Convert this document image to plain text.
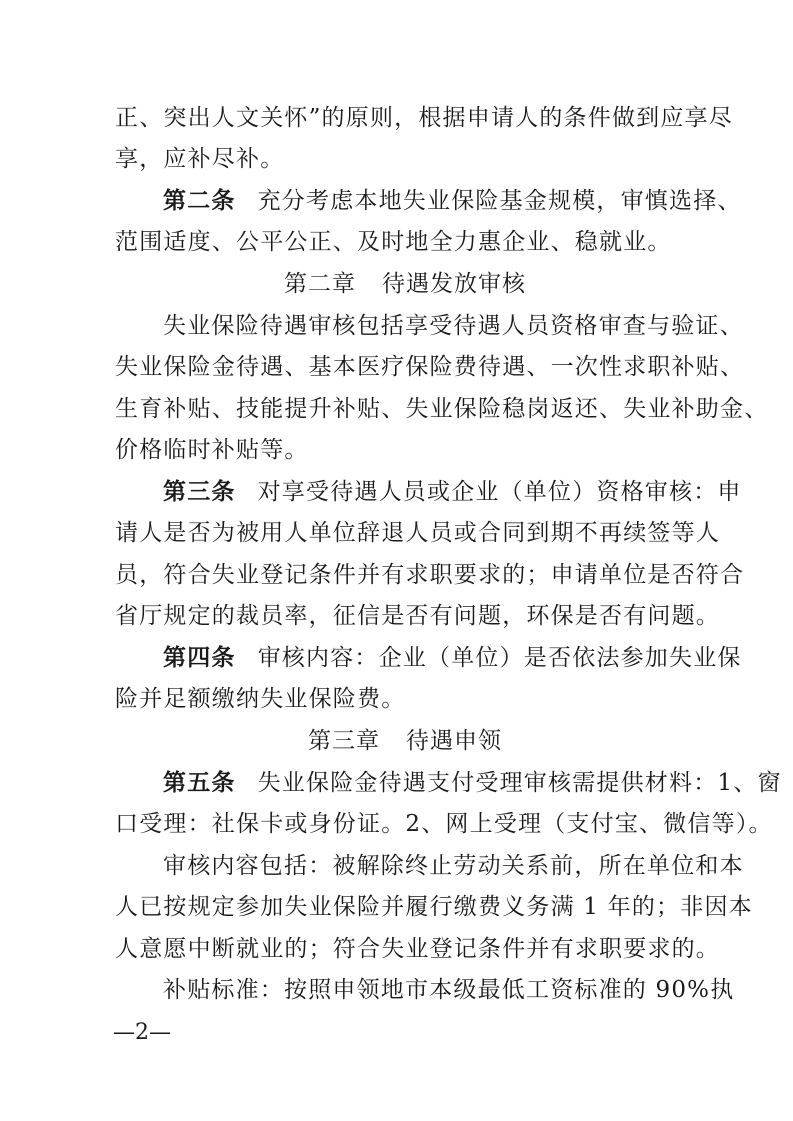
正、突出人文关怀”的原则，根据申请人的条件做到应享尽
享，应补尽补。
第二条 充分考虑本地失业保险基金规模，审慎选择、
范围适度、公平公正、及时地全力惠企业、稳就业。
第二章 待遇发放审核
失业保险待遇审核包括享受待遇人员资格审查与验证、
失业保险金待遇、基本医疗保险费待遇、一次性求职补贴、
生育补贴、技能提升补贴、失业保险稳岗返还、失业补助金、
价格临时补贴等。
第三条 对享受待遇人员或企业（单位）资格审核：申
请人是否为被用人单位辞退人员或合同到期不再续签等人
员，符合失业登记条件并有求职要求的；申请单位是否符合
省厅规定的裁员率，征信是否有问题，环保是否有问题。
第四条 审核内容：企业（单位）是否依法参加失业保
险并足额缴纳失业保险费。
第三章 待遇申领
第五条 失业保险金待遇支付受理审核需提供材料：1、窗
口受理：社保卡或身份证。2、网上受理（支付宝、微信等）。
审核内容包括：被解除终止劳动关系前，所在单位和本
人已按规定参加失业保险并履行缴费义务满 1 年的；非因本
人意愿中断就业的；符合失业登记条件并有求职要求的。
补贴标准：按照申领地市本级最低工资标准的 90%执
—2—
